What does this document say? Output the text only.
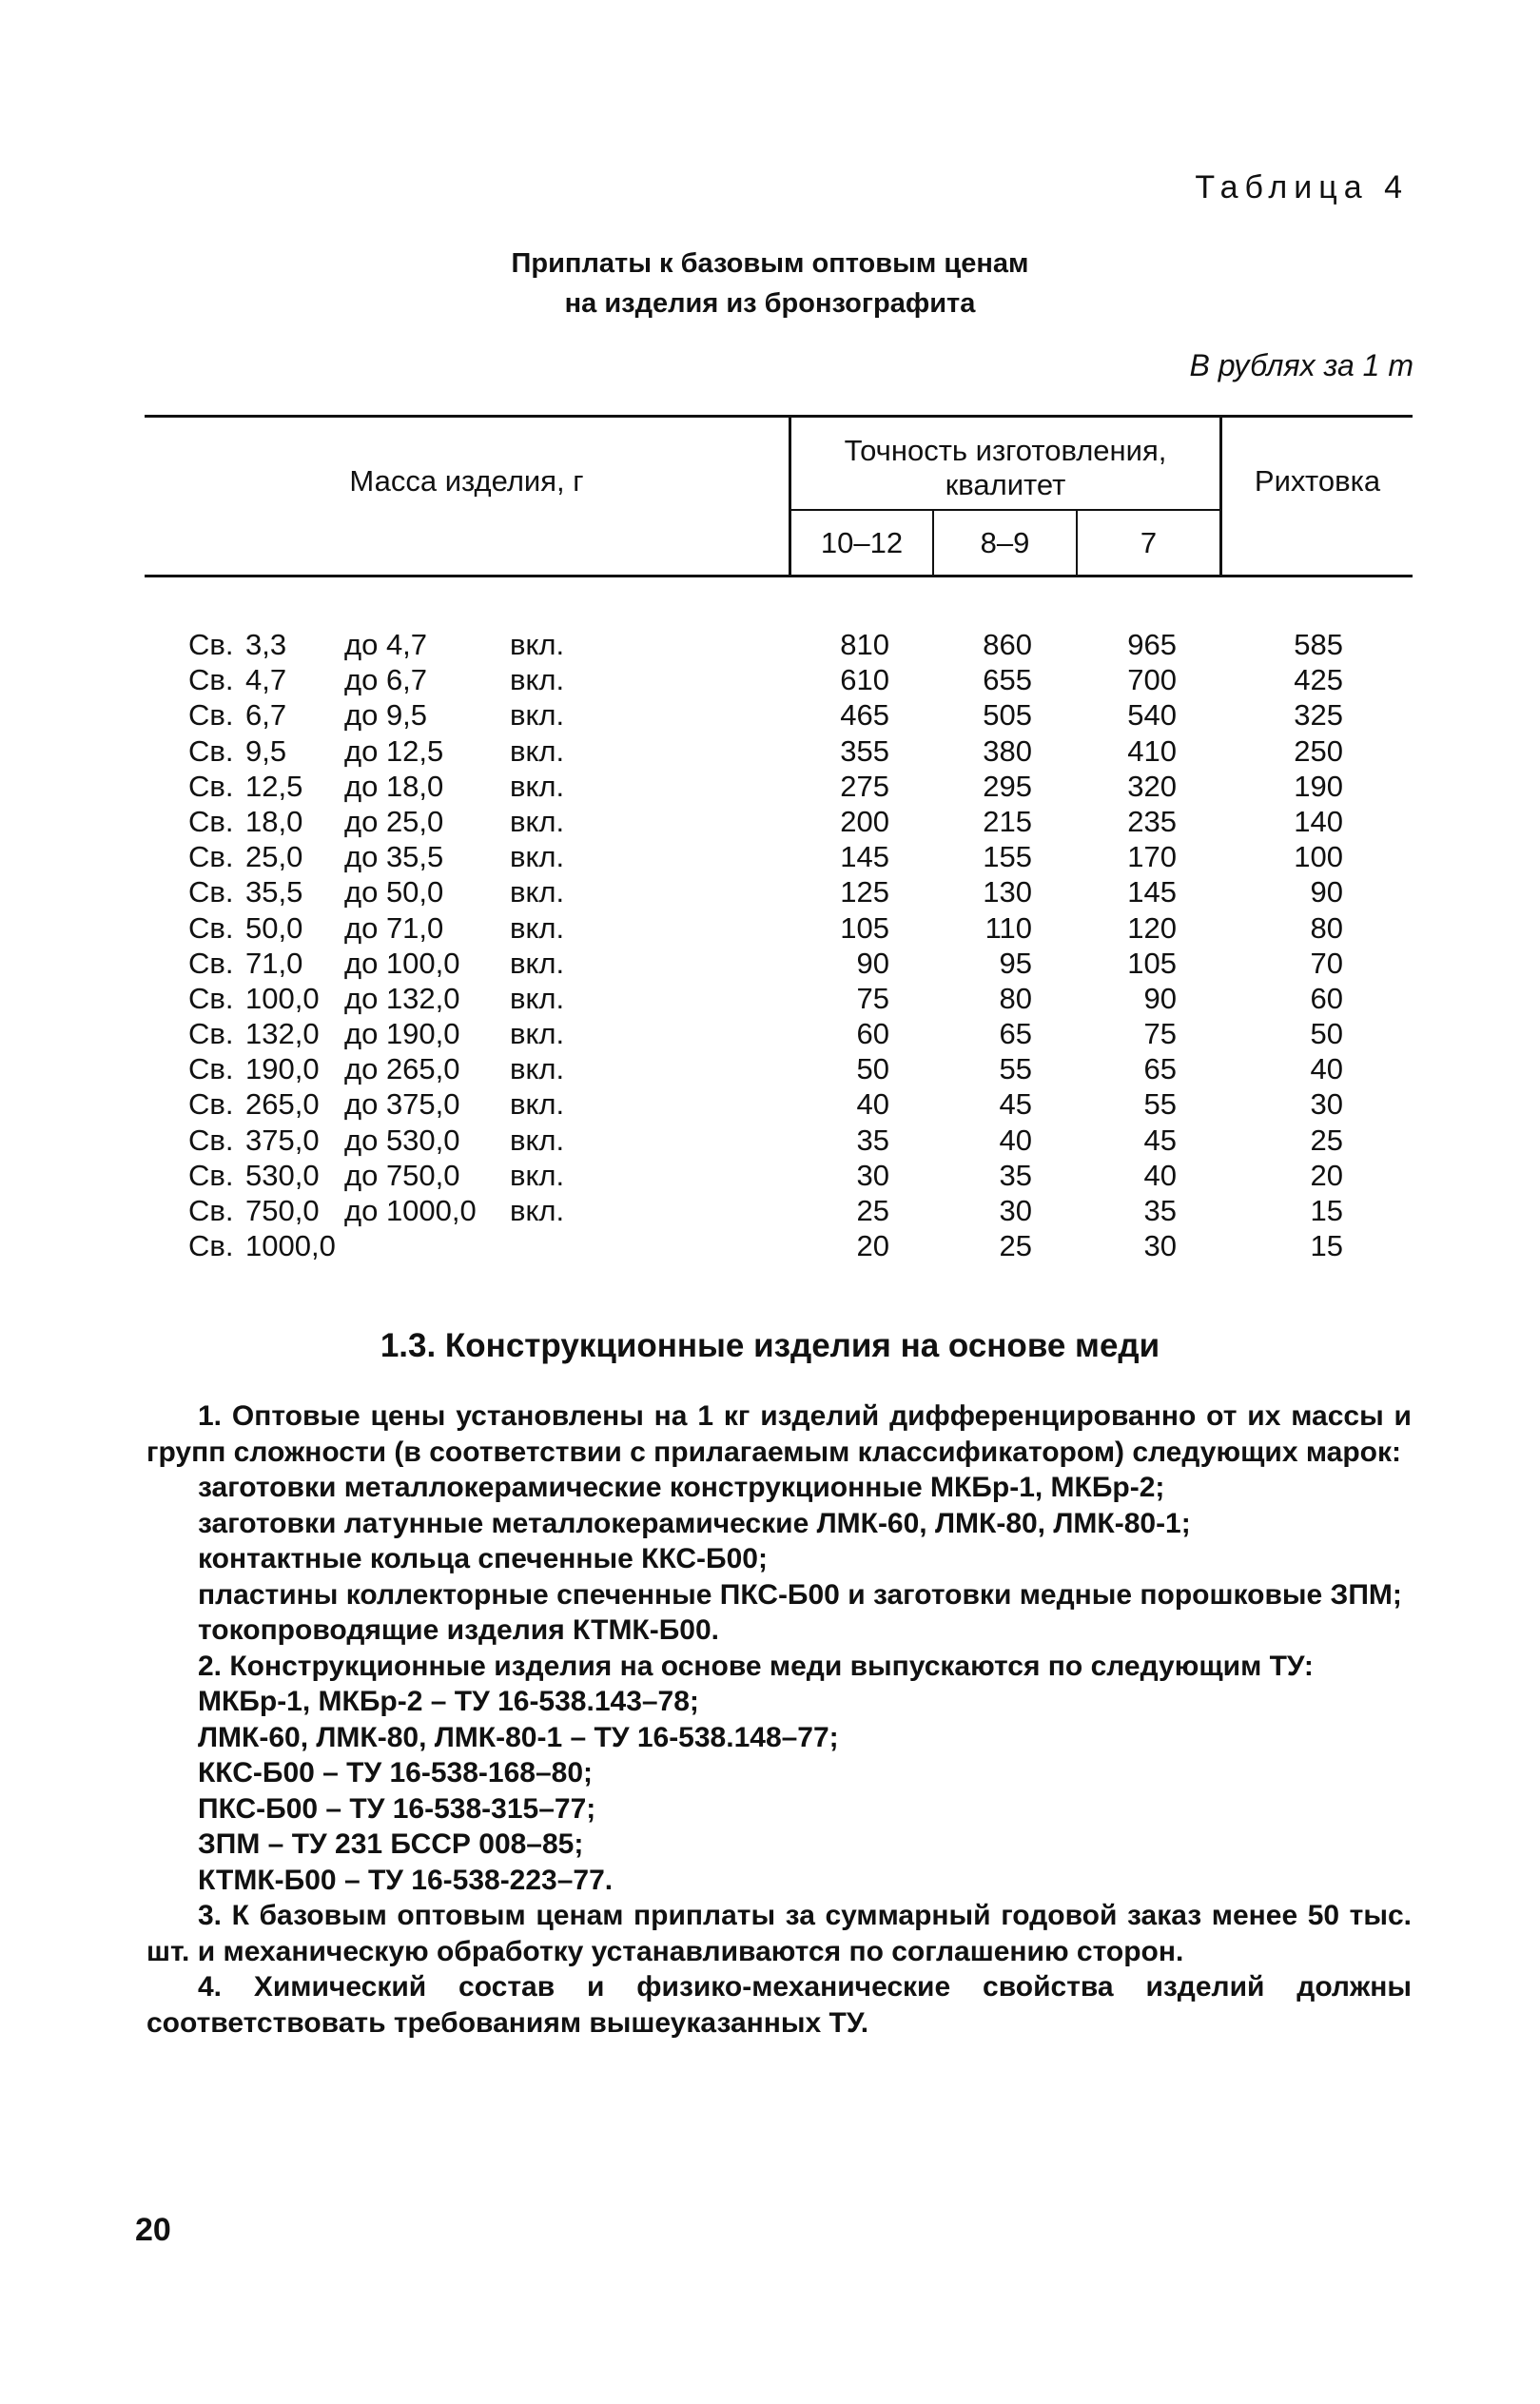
Таблица 4
Приплаты к базовым оптовым ценам
на изделия из бронзографита
В рублях за 1 т
Масса изделия, г
Точность изготовления, квалитет	Рихтовка
10–12	8–9	7
Св. 3,3 до 4,7	вкл.	810	860	965	585
Св. 4,7 до 6,7	вкл.	610	655	700	425
Св. 6,7 до 9,5	вкл.	465	505	540	325
Св. 9,5 до 12,5 вкл.	355	380	410	250
Св. 12,5 до 18,0 вкл.	275	295	320	190
Св. 18,0 до 25,0 вкл.	200	215	235	140
Св. 25,0 до 35,5 вкл.	145	155	170	100
Св. 35,5 до 50,0 вкл.	125	130	145	90
Св. 50,0 до 71,0 вкл.	105	110	120	80
Св. 71,0 до 100,0 вкл.	90	95	105	70
Св. 100,0 до 132,0 вкл.	75	80	90	60
Св. 132,0 до 190,0 вкл.	60	65	75	50
Св. 190,0 до 265,0 вкл.	50	55	65	40
Св. 265,0 до 375,0 вкл.	40	45	55	30
Св. 375,0 до 530,0 вкл.	35	40	45	25
Св. 530,0 до 750,0 вкл.	30	35	40	20
Св. 750,0 до 1000,0 вкл.	25	30	35	15
Св. 1000,0	20	25	30	15
1.3. Конструкционные изделия на основе меди

1. Оптовые цены установлены на 1 кг изделий дифференцированно от их массы и групп сложности (в соответствии с прилагаемым классификатором) следующих марок:

заготовки металлокерамические конструкционные МКБр-1, МКБр-2;

заготовки латунные металлокерамические ЛМК-60, ЛМК-80, ЛМК-80-1;

контактные кольца спеченные ККС-Б00;

пластины коллекторные спеченные ПКС-Б00 и заготовки медные порошковые ЗПМ;

токопроводящие изделия КТМК-Б00.

2. Конструкционные изделия на основе меди выпускаются по следующим ТУ:

МКБр-1, МКБр-2 – ТУ 16-538.143–78;

ЛМК-60, ЛМК-80, ЛМК-80-1 – ТУ 16-538.148–77;

ККС-Б00 – ТУ 16-538-168–80;

ПКС-Б00 – ТУ 16-538-315–77;

ЗПМ – ТУ 231 БССР 008–85;

КТМК-Б00 – ТУ 16-538-223–77.

3. К базовым оптовым ценам приплаты за суммарный годовой заказ менее 50 тыс. шт. и механическую обработку устанавливаются по соглашению сторон.

4. Химический состав и физико-механические свойства изделий должны соответствовать требованиям вышеуказанных ТУ.

20
